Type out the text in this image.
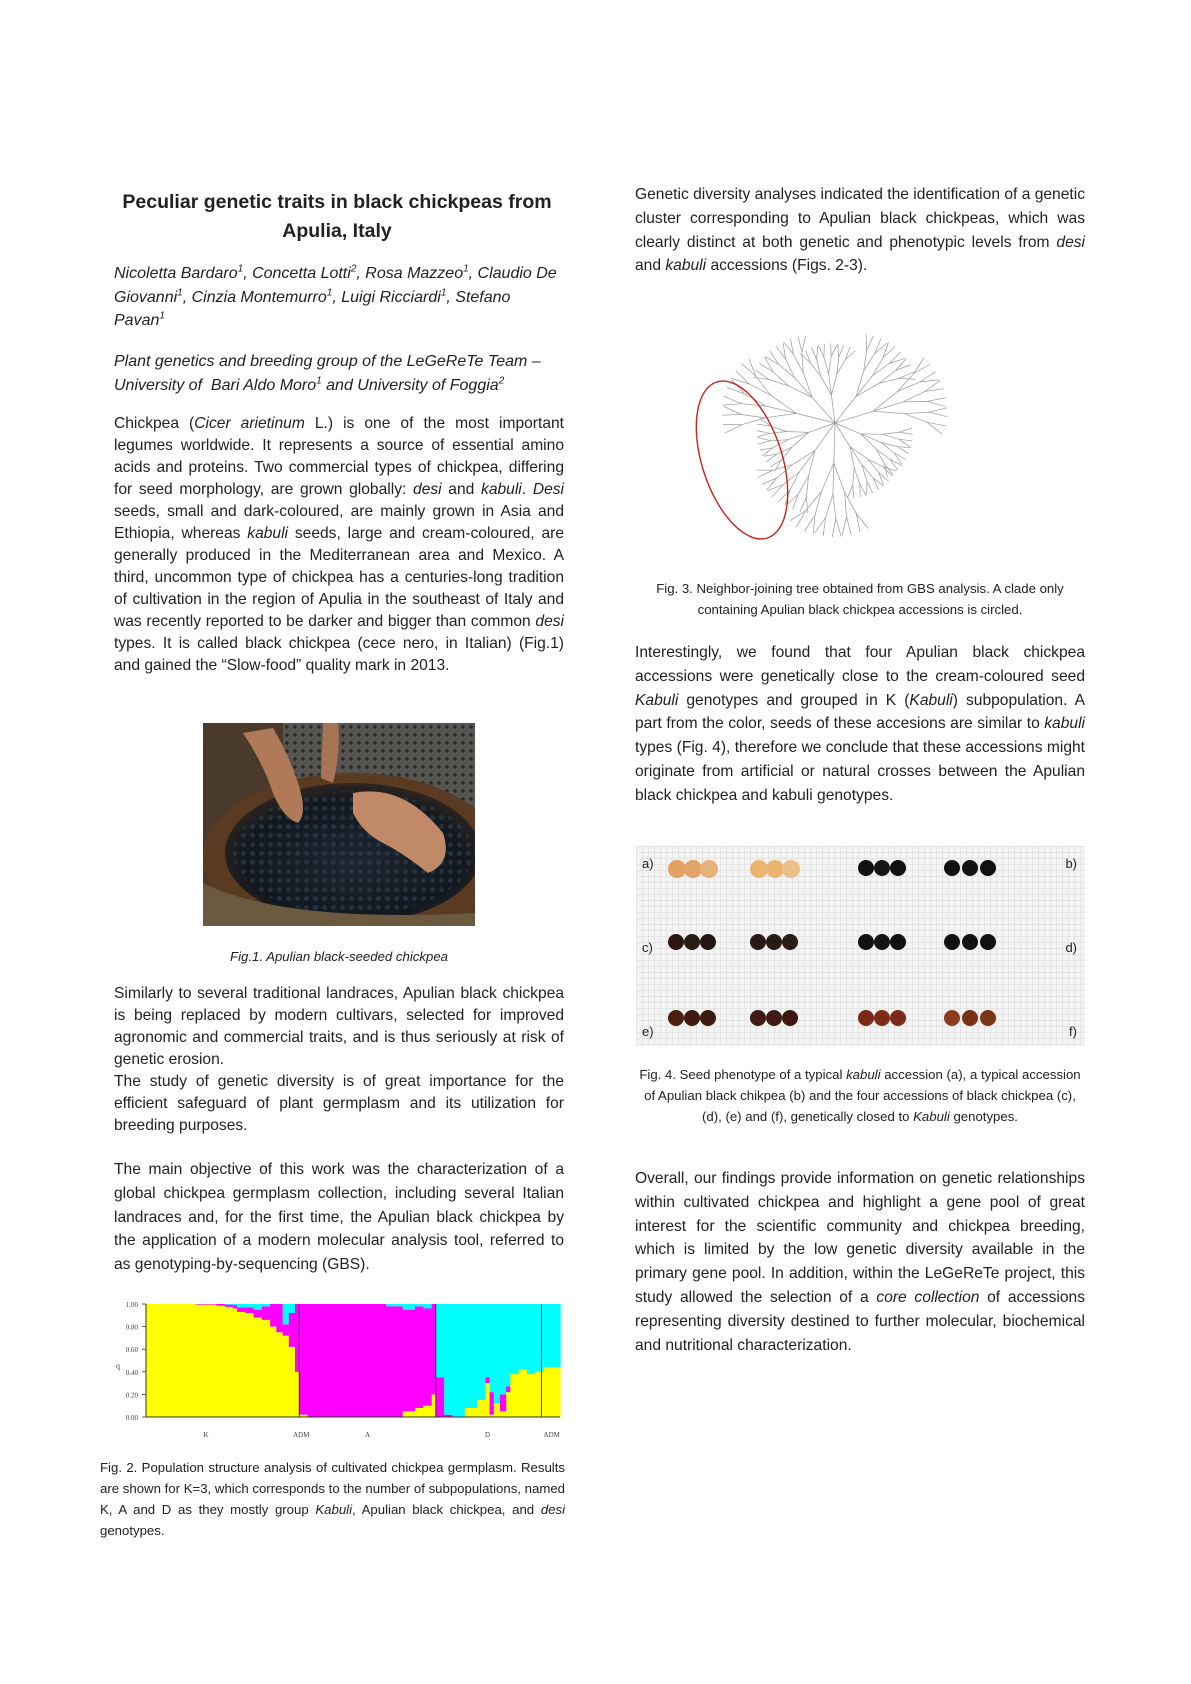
Peculiar genetic traits in black chickpeas from Apulia, Italy
Nicoletta Bardaro$^1$, Concetta Lotti$^2$, Rosa Mazzeo$^1$, Claudio De Giovanni$^1$, Cinzia Montemurro$^1$, Luigi Ricciardi$^1$, Stefano Pavan$^1$
Plant genetics and breeding group of the LeGeReTe Team – University of  Bari Aldo Moro$^1$ and University of Foggia$^2$
Chickpea (Cicer arietinum L.) is one of the most important legumes worldwide. It represents a source of essential amino acids and proteins. Two commercial types of chickpea, differing for seed morphology, are grown globally: desi and kabuli. Desi seeds, small and dark-coloured, are mainly grown in Asia and Ethiopia, whereas kabuli seeds, large and cream-coloured, are generally produced in the Mediterranean area and Mexico. A third, uncommon type of chickpea has a centuries-long tradition of cultivation in the region of Apulia in the southeast of Italy and was recently reported to be darker and bigger than common desi types. It is called black chickpea (cece nero, in Italian) (Fig.1) and gained the “Slow-food” quality mark in 2013.
Fig.1. Apulian black-seeded chickpea

Similarly to several traditional landraces, Apulian black chickpea is being replaced by modern cultivars, selected for improved agronomic and commercial traits, and is thus seriously at risk of genetic erosion.

The study of genetic diversity is of great importance for the efficient safeguard of plant germplasm and its utilization for breeding purposes.

The main objective of this work was the characterization of a global chickpea germplasm collection, including several Italian landraces and, for the first time, the Apulian black chickpea by the application of a modern molecular analysis tool, referred to as genotyping-by-sequencing (GBS).
0.00
0.20
0.40
0.60
0.80
1.00
q
K	ADM	A	D	ADM
Fig. 2. Population structure analysis of cultivated chickpea germplasm. Results are shown for K=3, which corresponds to the number of subpopulations, named K, A and D as they mostly group Kabuli, Apulian black chickpea, and desi genotypes.
Genetic diversity analyses indicated the identification of a genetic cluster corresponding to Apulian black chickpeas, which was clearly distinct at both genetic and phenotypic levels from desi and kabuli accessions (Figs. 2-3).
Fig. 3. Neighbor-joining tree obtained from GBS analysis. A clade only containing Apulian black chickpea accessions is circled.
Interestingly, we found that four Apulian black chickpea accessions were genetically close to the cream-coloured seed Kabuli genotypes and grouped in K (Kabuli) subpopulation. A part from the color, seeds of these accesions are similar to kabuli types (Fig. 4), therefore we conclude that these accessions might originate from artificial or natural crosses between the Apulian black chickpea and kabuli genotypes.
a)	b)
c)	d)
e)	f)
Fig. 4. Seed phenotype of a typical kabuli accession (a), a typical accession of Apulian black chikpea (b) and the four accessions of black chickpea (c), (d), (e) and (f), genetically closed to Kabuli genotypes.
Overall, our findings provide information on genetic relationships within cultivated chickpea and highlight a gene pool of great interest for the scientific community and chickpea breeding, which is limited by the low genetic diversity available in the primary gene pool. In addition, within the LeGeReTe project, this study allowed the selection of a core collection of accessions representing diversity destined to further molecular, biochemical and nutritional characterization.
